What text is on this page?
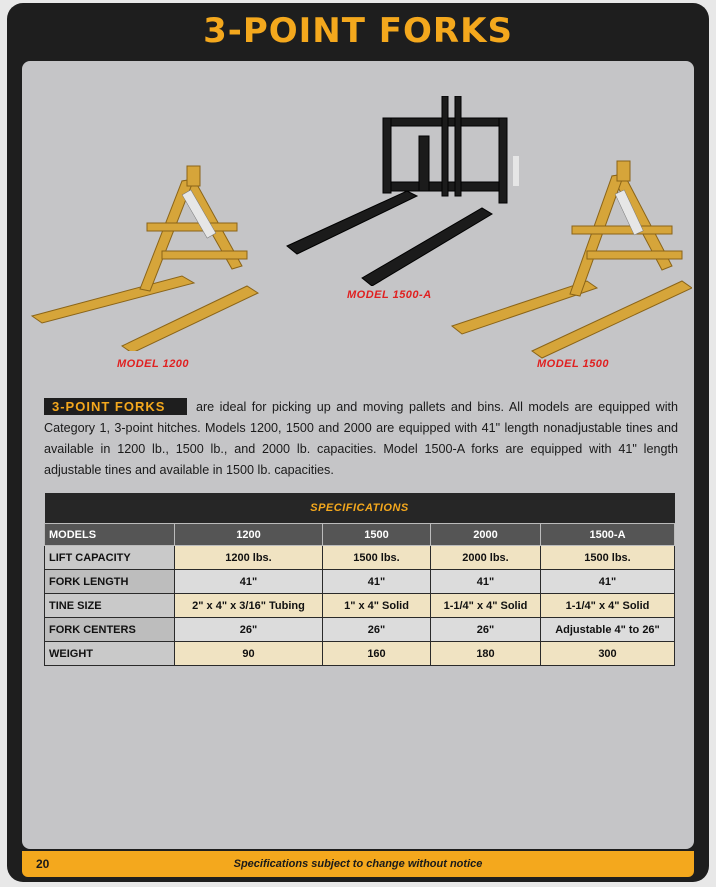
3-POINT FORKS
MODEL 1200
MODEL 1500-A
MODEL 1500
3-POINT FORKS are ideal for picking up and moving pallets and bins. All models are equipped with Category 1, 3-point hitches. Models 1200, 1500 and 2000 are equipped with 41" length nonadjustable tines and available in 1200 lb., 1500 lb., and 2000 lb. capacities. Model 1500-A forks are equipped with 41" length adjustable tines and available in 1500 lb. capacities.
SPECIFICATIONS				
MODELS	1200	1500	2000	1500-A
LIFT CAPACITY	1200 lbs.	1500 lbs.	2000 lbs.	1500 lbs.
FORK LENGTH	41"	41"	41"	41"
TINE SIZE	2" x 4" x 3/16" Tubing	1" x 4" Solid	1-1/4" x 4" Solid	1-1/4" x 4" Solid
FORK CENTERS	26"	26"	26"	Adjustable 4" to 26"
WEIGHT	90	160	180	300
Specifications subject to change without notice
20
